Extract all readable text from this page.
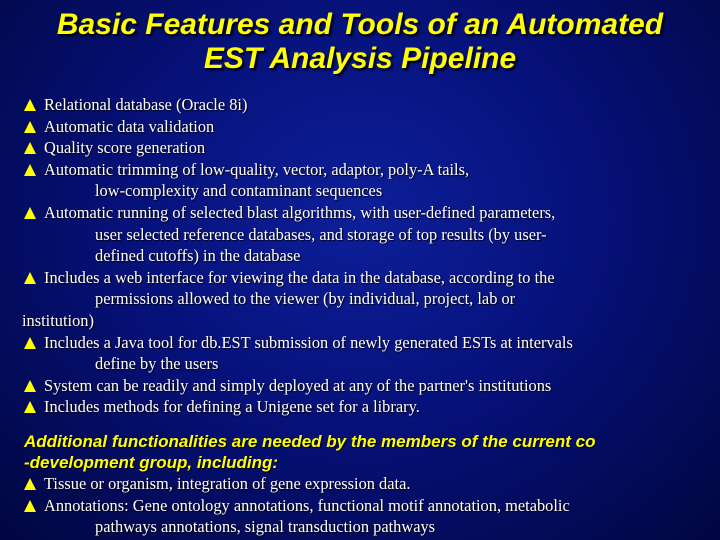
Basic Features and Tools of an Automated
EST Analysis Pipeline
Relational database (Oracle 8i)
Automatic data validation
Quality score generation
Automatic trimming of low-quality, vector, adaptor, poly-A tails,
low-complexity and contaminant sequences
Automatic running of selected blast algorithms, with user-defined parameters,
user selected reference databases, and storage of top results (by user-
defined cutoffs) in the database
Includes a web interface for viewing the data in the database, according to the
permissions allowed to the viewer (by individual, project, lab or
institution)
Includes a Java tool for db.EST submission of newly generated ESTs at intervals
define by the users
System can be readily and simply deployed at any of the partner's institutions
Includes methods for defining a Unigene set for a library.
Additional functionalities are needed by the members of the current co
-development group, including:
Tissue or organism, integration of gene expression data.
Annotations: Gene ontology annotations, functional motif annotation, metabolic
pathways annotations, signal transduction pathways
